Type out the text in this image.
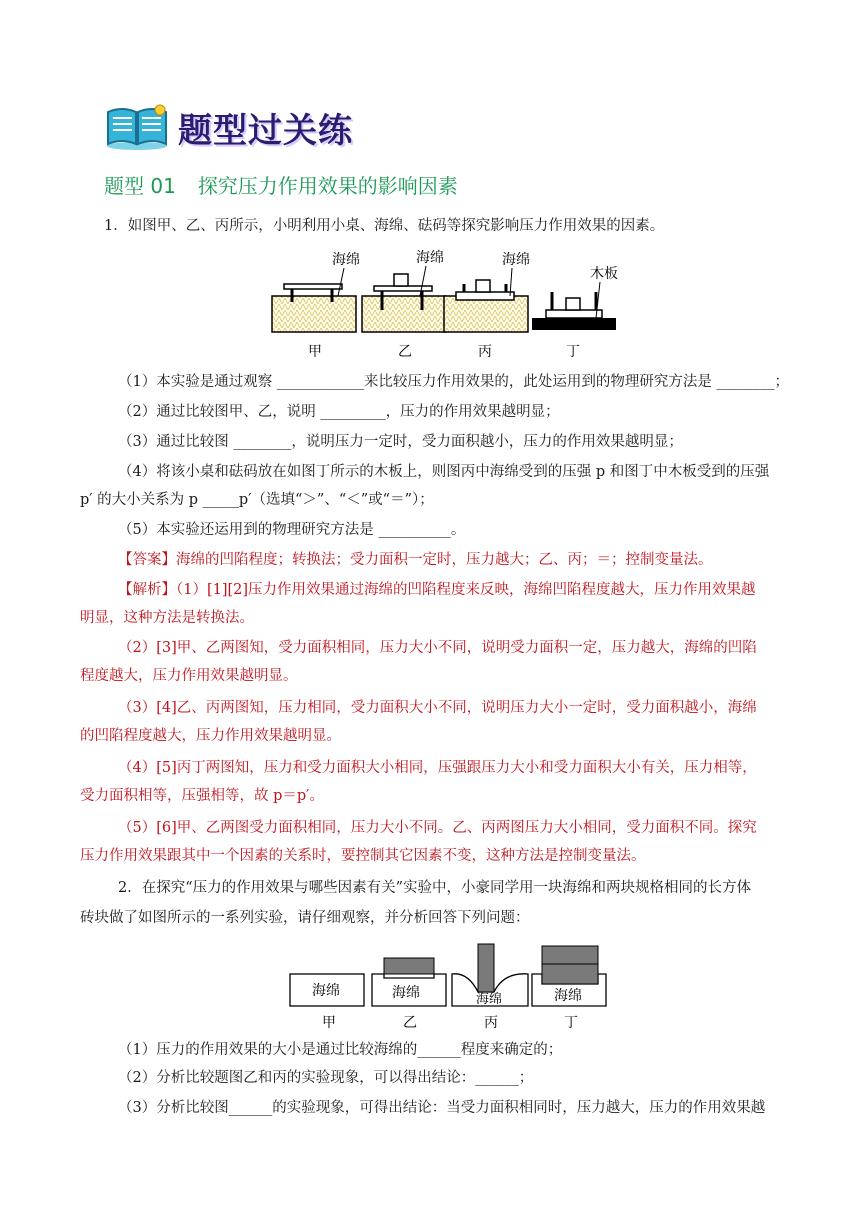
题型过关练
题型 01 探究压力作用效果的影响因素
1．如图甲、乙、丙所示，小明利用小桌、海绵、砝码等探究影响压力作用效果的因素。
海绵
甲
海绵
乙
海绵
丙
木板
丁
（1）本实验是通过观察 ____________来比较压力作用效果的，此处运用到的物理研究方法是 ________；
（2）通过比较图甲、乙，说明 _________，压力的作用效果越明显；
（3）通过比较图 ________，说明压力一定时，受力面积越小，压力的作用效果越明显；
（4）将该小桌和砝码放在如图丁所示的木板上，则图丙中海绵受到的压强 p 和图丁中木板受到的压强
p′ 的大小关系为 p _____p′（选填“＞”、“＜”或“＝”）；
（5）本实验还运用到的物理研究方法是 __________。
【答案】海绵的凹陷程度；转换法；受力面积一定时，压力越大；乙、丙；＝；控制变量法。
【解析】（1）[1][2]压力作用效果通过海绵的凹陷程度来反映，海绵凹陷程度越大，压力作用效果越
明显，这种方法是转换法。
（2）[3]甲、乙两图知，受力面积相同，压力大小不同，说明受力面积一定，压力越大，海绵的凹陷
程度越大，压力作用效果越明显。
（3）[4]乙、丙两图知，压力相同，受力面积大小不同，说明压力大小一定时，受力面积越小，海绵
的凹陷程度越大，压力作用效果越明显。
（4）[5]丙丁两图知，压力和受力面积大小相同，压强跟压力大小和受力面积大小有关，压力相等，
受力面积相等，压强相等，故 p＝p′。
（5）[6]甲、乙两图受力面积相同，压力大小不同。乙、丙两图压力大小相同，受力面积不同。探究
压力作用效果跟其中一个因素的关系时，要控制其它因素不变，这种方法是控制变量法。
2．在探究“压力的作用效果与哪些因素有关”实验中，小豪同学用一块海绵和两块规格相同的长方体
砖块做了如图所示的一系列实验，请仔细观察，并分析回答下列问题：
海绵
甲
海绵
乙
海绵
丙
海绵
丁
（1）压力的作用效果的大小是通过比较海绵的______程度来确定的；
（2）分析比较题图乙和丙的实验现象，可以得出结论：______；
（3）分析比较图______的实验现象，可得出结论：当受力面积相同时，压力越大，压力的作用效果越
